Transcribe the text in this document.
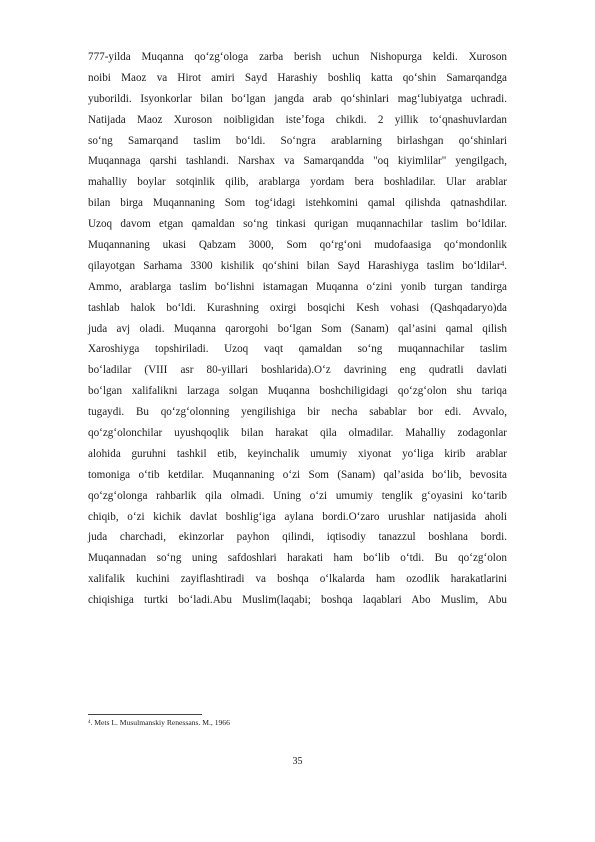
777-yilda Muqanna qoʻzgʻologa zarba berish uchun Nishopurga keldi. Xuroson
noibi Maoz va Hirot amiri Sayd Harashiy boshliq katta qoʻshin Samarqandga
yuborildi. Isyonkorlar bilan boʻlgan jangda arab qoʻshinlari magʻlubiyatga uchradi.
Natijada Maoz Xuroson noibligidan isteʼfoga chikdi. 2 yillik toʻqnashuvlardan
soʻng Samarqand taslim boʻldi. Soʻngra arablarning birlashgan qoʻshinlari
Muqannaga qarshi tashlandi. Narshax va Samarqandda "oq kiyimlilar" yengilgach,
mahalliy boylar sotqinlik qilib, arablarga yordam bera boshladilar. Ular arablar
bilan birga Muqannaning Som togʻidagi istehkomini qamal qilishda qatnashdilar.
Uzoq davom etgan qamaldan soʻng tinkasi qurigan muqannachilar taslim boʻldilar.
Muqannaning ukasi Qabzam 3000, Som qoʻrgʻoni mudofaasiga qoʻmondonlik
qilayotgan Sarhama 3300 kishilik qoʻshini bilan Sayd Harashiyga taslim boʻldilar$^4$.
Ammo, arablarga taslim boʻlishni istamagan Muqanna oʻzini yonib turgan tandirga
tashlab halok boʻldi. Kurashning oxirgi bosqichi Kesh vohasi (Qashqadaryo)da
juda avj oladi. Muqanna qarorgohi bo‘lgan Som (Sanam) qal’asini qamal qilish
Xaroshiyga topshiriladi. Uzoq vaqt qamaldan so‘ng muqannachilar taslim
bo‘ladilar (VIII asr 80-yillari boshlarida).O‘z davrining eng qudratli davlati
bo‘lgan xalifalikni larzaga solgan Muqanna boshchiligidagi qo‘zg‘olon shu tariqa
tugaydi. Bu qo‘zg‘olonning yengilishiga bir necha sabablar bor edi. Avvalo,
qo‘zg‘olonchilar uyushqoqlik bilan harakat qila olmadilar. Mahalliy zodagonlar
alohida guruhni tashkil etib, keyinchalik umumiy xiyonat yo‘liga kirib arablar
tomoniga o‘tib ketdilar. Muqannaning o‘zi Som (Sanam) qal’asida bo‘lib, bevosita
qo‘zg‘olonga rahbarlik qila olmadi. Uning o‘zi umumiy tenglik g‘oyasini ko‘tarib
chiqib, o‘zi kichik davlat boshlig‘iga aylana bordi.O‘zaro urushlar natijasida aholi
juda charchadi, ekinzorlar payhon qilindi, iqtisodiy tanazzul boshlana bordi.
Muqannadan so‘ng uning safdoshlari harakati ham bo‘lib o‘tdi. Bu qo‘zg‘olon
xalifalik kuchini zayiflashtiradi va boshqa o‘lkalarda ham ozodlik harakatlarini
chiqishiga turtki bo‘ladi.Abu Muslim(laqabi; boshqa laqablari Abo Muslim, Abu
$^4$. Mets L. Musulmanskiy Renessans. M., 1966
35
